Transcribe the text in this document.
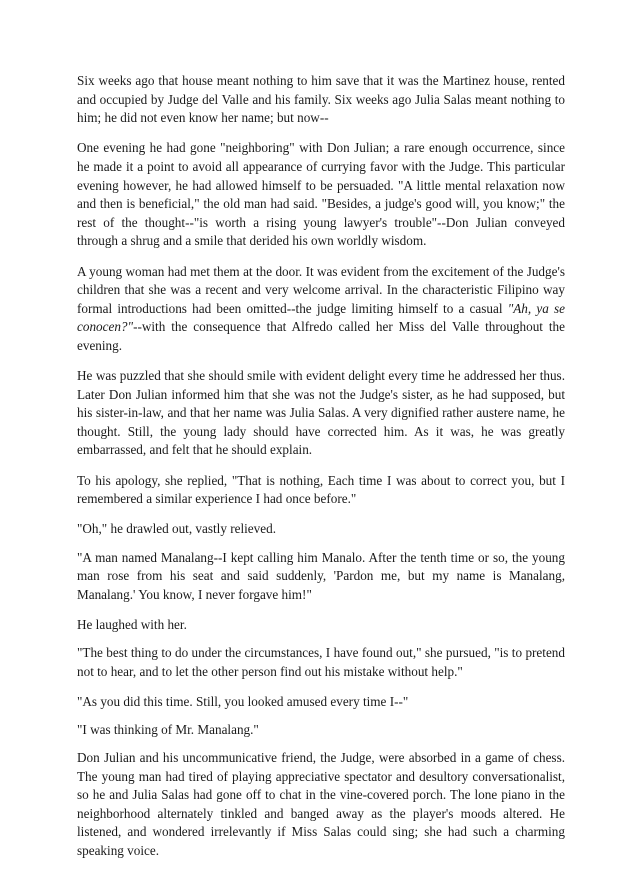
Six weeks ago that house meant nothing to him save that it was the Martinez house, rented and occupied by Judge del Valle and his family. Six weeks ago Julia Salas meant nothing to him; he did not even know her name; but now--

One evening he had gone "neighboring" with Don Julian; a rare enough occurrence, since he made it a point to avoid all appearance of currying favor with the Judge. This particular evening however, he had allowed himself to be persuaded. "A little mental relaxation now and then is beneficial," the old man had said. "Besides, a judge's good will, you know;" the rest of the thought--"is worth a rising young lawyer's trouble"--Don Julian conveyed through a shrug and a smile that derided his own worldly wisdom.

A young woman had met them at the door. It was evident from the excitement of the Judge's children that she was a recent and very welcome arrival. In the characteristic Filipino way formal introductions had been omitted--the judge limiting himself to a casual "Ah, ya se conocen?"--with the consequence that Alfredo called her Miss del Valle throughout the evening.

He was puzzled that she should smile with evident delight every time he addressed her thus. Later Don Julian informed him that she was not the Judge's sister, as he had supposed, but his sister-in-law, and that her name was Julia Salas. A very dignified rather austere name, he thought. Still, the young lady should have corrected him. As it was, he was greatly embarrassed, and felt that he should explain.

To his apology, she replied, "That is nothing, Each time I was about to correct you, but I remembered a similar experience I had once before."

"Oh," he drawled out, vastly relieved.

"A man named Manalang--I kept calling him Manalo. After the tenth time or so, the young man rose from his seat and said suddenly, 'Pardon me, but my name is Manalang, Manalang.' You know, I never forgave him!"

He laughed with her.

"The best thing to do under the circumstances, I have found out," she pursued, "is to pretend not to hear, and to let the other person find out his mistake without help."

"As you did this time. Still, you looked amused every time I--"

"I was thinking of Mr. Manalang."

Don Julian and his uncommunicative friend, the Judge, were absorbed in a game of chess. The young man had tired of playing appreciative spectator and desultory conversationalist, so he and Julia Salas had gone off to chat in the vine-covered porch. The lone piano in the neighborhood alternately tinkled and banged away as the player's moods altered. He listened, and wondered irrelevantly if Miss Salas could sing; she had such a charming speaking voice.
